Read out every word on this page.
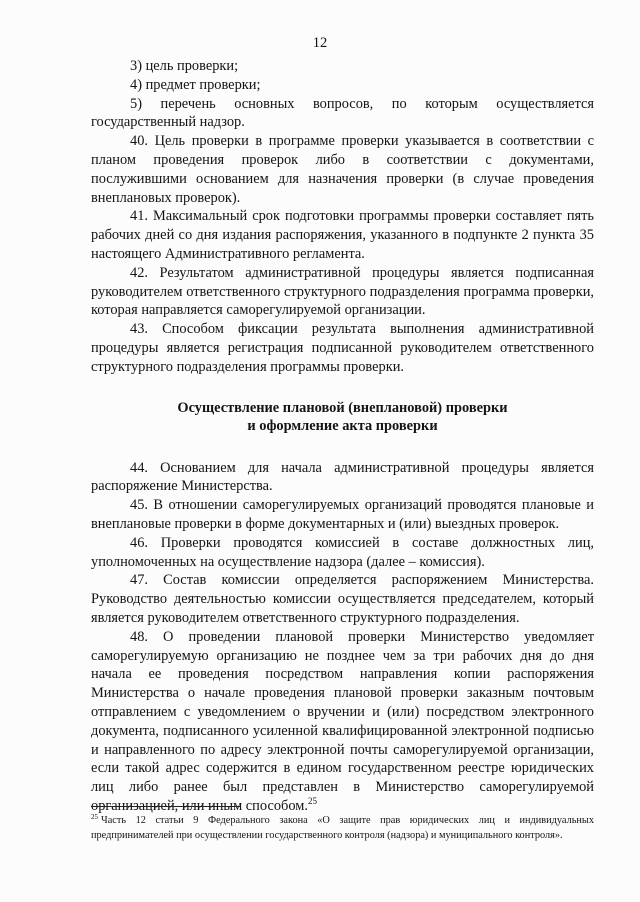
12

3) цель проверки;

4) предмет проверки;

5) перечень основных вопросов, по которым осуществляется государственный надзор.

40. Цель проверки в программе проверки указывается в соответствии с планом проведения проверок либо в соответствии с документами, послужившими основанием для назначения проверки (в случае проведения внеплановых проверок).

41. Максимальный срок подготовки программы проверки составляет пять рабочих дней со дня издания распоряжения, указанного в подпункте 2 пункта 35 настоящего Административного регламента.

42. Результатом административной процедуры является подписанная руководителем ответственного структурного подразделения программа проверки, которая направляется саморегулируемой организации.

43. Способом фиксации результата выполнения административной процедуры является регистрация подписанной руководителем ответственного структурного подразделения программы проверки.

Осуществление плановой (внеплановой) проверки
и оформление акта проверки

44. Основанием для начала административной процедуры является распоряжение Министерства.

45. В отношении саморегулируемых организаций проводятся плановые и внеплановые проверки в форме документарных и (или) выездных проверок.

46. Проверки проводятся комиссией в составе должностных лиц, уполномоченных на осуществление надзора (далее – комиссия).

47. Состав комиссии определяется распоряжением Министерства. Руководство деятельностью комиссии осуществляется председателем, который является руководителем ответственного структурного подразделения.

48. О проведении плановой проверки Министерство уведомляет саморегулируемую организацию не позднее чем за три рабочих дня до дня начала ее проведения посредством направления копии распоряжения Министерства о начале проведения плановой проверки заказным почтовым отправлением с уведомлением о вручении и (или) посредством электронного документа, подписанного усиленной квалифицированной электронной подписью и направленного по адресу электронной почты саморегулируемой организации, если такой адрес содержится в едином государственном реестре юридических лиц либо ранее был представлен в Министерство саморегулируемой организацией, или иным способом.$^{25}$

$^{25}$ Часть 12 статьи 9 Федерального закона «О защите прав юридических лиц и индивидуальных предпринимателей при осуществлении государственного контроля (надзора) и муниципального контроля».
